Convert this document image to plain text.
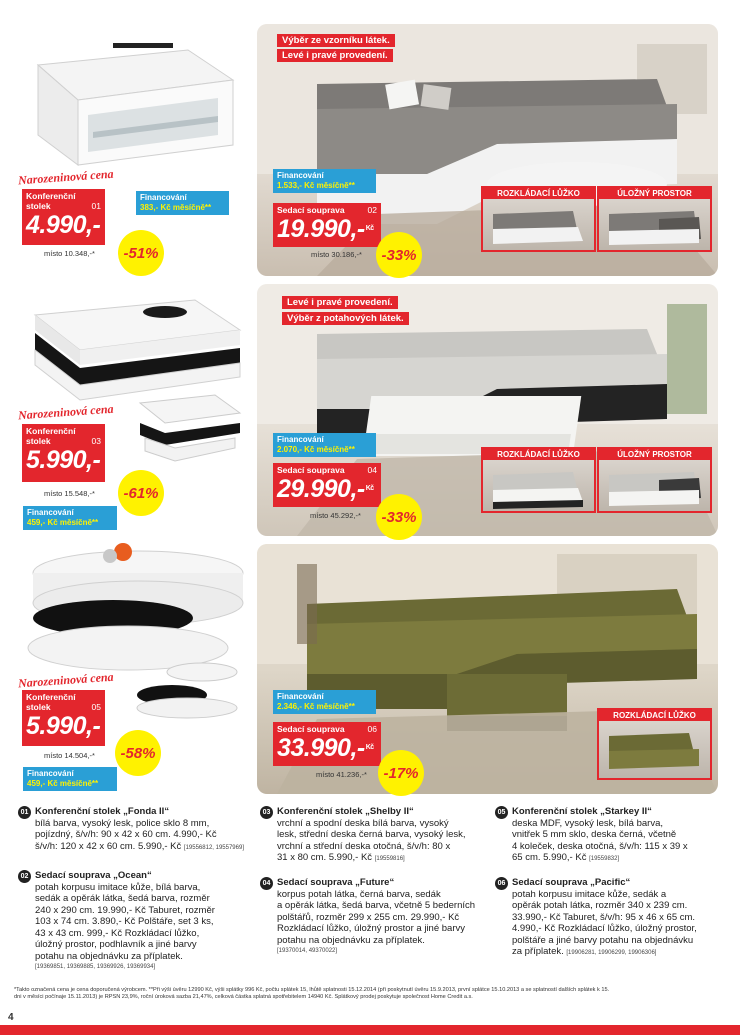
Narozeninová cena
Konferenční
stolek	01
4.990,-$^{Kč}$
Financování
383,- Kč měsíčně**
místo 10.348,-*	-51%
Výběr ze vzorníku látek.
Levé i pravé provedení.
Financování
1.533,- Kč měsíčně**
Sedací souprava	02
19.990,-$^{Kč}$
místo 30.186,-*	-33%
ROZKLÁDACÍ LŮŽKO	ÚLOŽNÝ PROSTOR
Narozeninová cena
Konferenční
stolek	03
5.990,-$^{Kč}$
místo 15.548,-*
Financování
459,- Kč měsíčně**
-61%
Levé i pravé provedení.
Výběr z potahových látek.
Financování
2.070,- Kč měsíčně**
Sedací souprava	04
29.990,-$^{Kč}$
místo 45.292,-*	-33%
ROZKLÁDACÍ LŮŽKO	ÚLOŽNÝ PROSTOR
Narozeninová cena
Konferenční
stolek	05
5.990,-$^{Kč}$	místo 14.504,-*
Financování
459,- Kč měsíčně**
-58%
Financování
2.346,- Kč měsíčně**
Sedací souprava	06
33.990,-$^{Kč}$
místo 41.236,-*	-17%
ROZKLÁDACÍ LŮŽKO
01 Konferenční stolek „Fonda II“
bílá barva, vysoký lesk, police sklo 8 mm,
pojízdný, š/v/h: 90 x 42 x 60 cm. 4.990,- Kč
š/v/h: 120 x 42 x 60 cm. 5.990,- Kč [19556812, 19557969]
02 Sedací souprava „Ocean“
potah korpusu imitace kůže, bílá barva,
sedák a opěrák látka, šedá barva, rozměr
240 x 290 cm. 19.990,- Kč Taburet, rozměr
103 x 74 cm. 3.890,- Kč Polštáře, set 3 ks,
43 x 43 cm. 999,- Kč Rozkládací lůžko,
úložný prostor, podhlavník a jiné barvy
potahu na objednávku za příplatek.
[19369851, 19369885, 19369926, 19369934]
03 Konferenční stolek „Shelby II“
vrchní a spodní deska bílá barva, vysoký
lesk, střední deska černá barva, vysoký lesk,
vrchní a střední deska otočná, š/v/h: 80 x
31 x 80 cm. 5.990,- Kč [19559816]
04 Sedací souprava „Future“
korpus potah látka, černá barva, sedák
a opěrák látka, šedá barva, včetně 5 bederních
polštářů, rozměr 299 x 255 cm. 29.990,- Kč
Rozkládací lůžko, úložný prostor a jiné barvy
potahu na objednávku za příplatek.
[19370014, 49370022]
05 Konferenční stolek „Starkey II“
deska MDF, vysoký lesk, bílá barva,
vnitřek 5 mm sklo, deska černá, včetně
4 koleček, deska otočná, š/v/h: 115 x 39 x
65 cm. 5.990,- Kč [19559832]
06 Sedací souprava „Pacific“
potah korpusu imitace kůže, sedák a
opěrák potah látka, rozměr 340 x 239 cm.
33.990,- Kč Taburet, š/v/h: 95 x 46 x 65 cm.
4.990,- Kč Rozkládací lůžko, úložný prostor,
polštáře a jiné barvy potahu na objednávku
za příplatek. [19906281, 19906299, 19906306]
*Takto označená cena je cena doporučená výrobcem. **Při výši úvěru 12990 Kč, výši splátky 996 Kč, počtu splátek 15, lhůtě splatnosti 15.12.2014 (při poskytnutí úvěru 15.9.2013, první splátce 15.10.2013 a se splatností dalších splátek k 15.
dni v měsíci počínaje 15.11.2013) je RPSN 23,9%, roční úroková sazba 21,47%, celková částka splatná spotřebitelem 14940 Kč. Splátkový prodej poskytuje společnost Home Credit a.s.
4
